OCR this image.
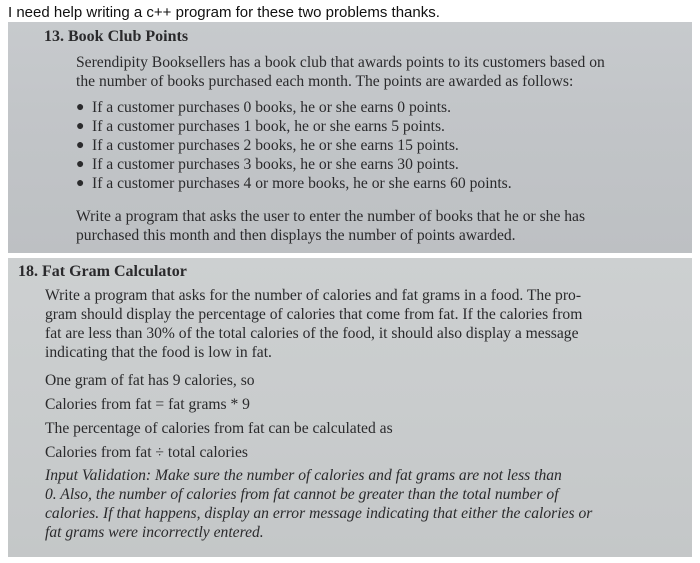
I need help writing a c++ program for these two problems thanks.
13. Book Club Points
Serendipity Booksellers has a book club that awards points to its customers based on
the number of books purchased each month. The points are awarded as follows:
● If a customer purchases 0 books, he or she earns 0 points.
● If a customer purchases 1 book, he or she earns 5 points.
● If a customer purchases 2 books, he or she earns 15 points.
● If a customer purchases 3 books, he or she earns 30 points.
● If a customer purchases 4 or more books, he or she earns 60 points.
Write a program that asks the user to enter the number of books that he or she has
purchased this month and then displays the number of points awarded.
18. Fat Gram Calculator
Write a program that asks for the number of calories and fat grams in a food. The pro-
gram should display the percentage of calories that come from fat. If the calories from
fat are less than 30% of the total calories of the food, it should also display a message
indicating that the food is low in fat.
One gram of fat has 9 calories, so
Calories from fat = fat grams * 9
The percentage of calories from fat can be calculated as
Calories from fat ÷ total calories
Input Validation: Make sure the number of calories and fat grams are not less than
0. Also, the number of calories from fat cannot be greater than the total number of
calories. If that happens, display an error message indicating that either the calories or
fat grams were incorrectly entered.
